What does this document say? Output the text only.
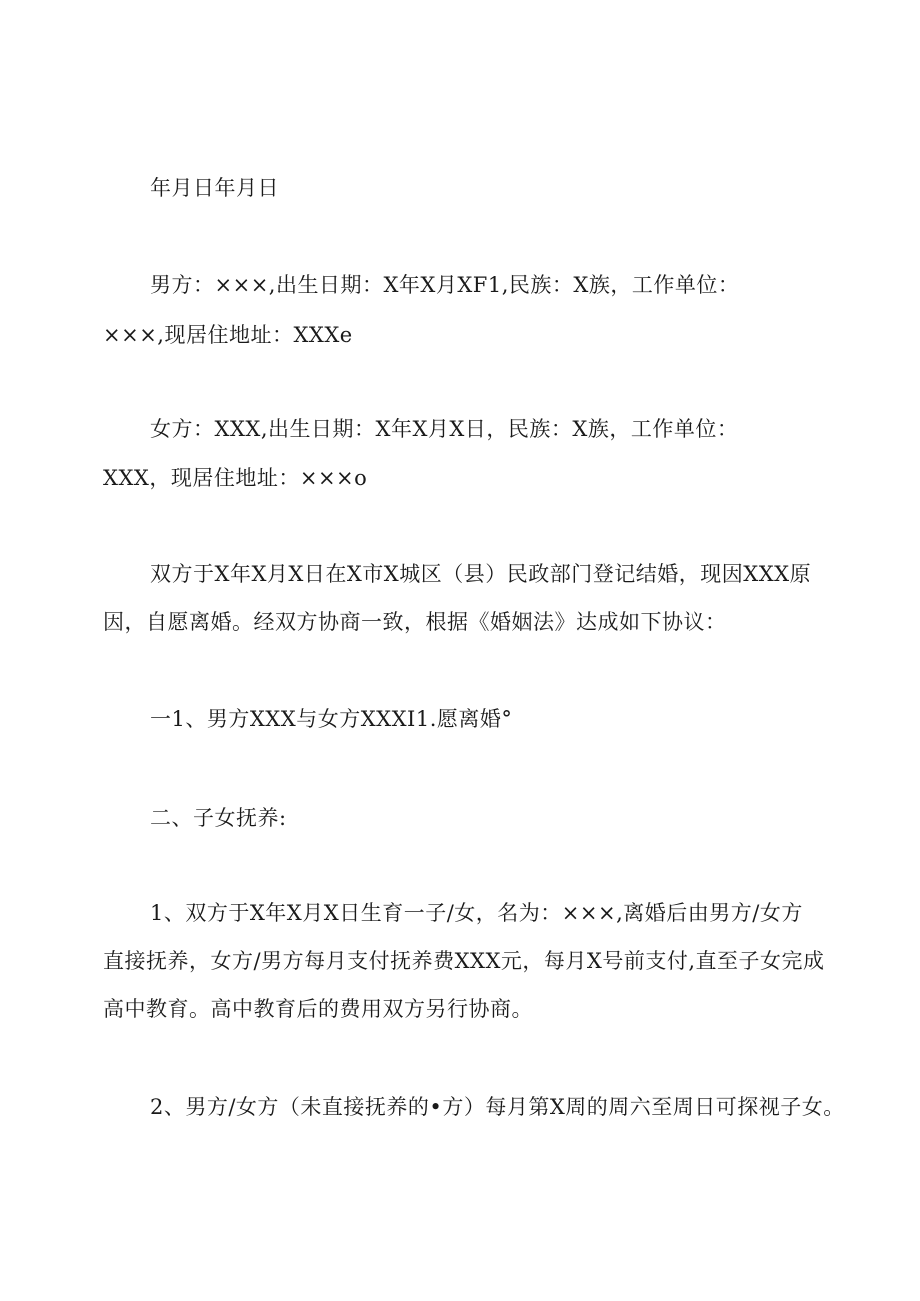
年月日年月日
男方：×××,出生日期：X年X月XF1,民族：X族，工作单位：
×××,现居住地址：XXXe
女方：XXX,出生日期：X年X月X日，民族：X族，工作单位：
XXX，现居住地址：×××o
双方于X年X月X日在X市X城区（县）民政部门登记结婚，现因XXX原
因，自愿离婚。经双方协商一致，根据《婚姻法》达成如下协议：
一1、男方XXX与女方XXXI1.愿离婚°
二、子女抚养:
1、双方于X年X月X日生育一子/女，名为：×××,离婚后由男方/女方
直接抚养，女方/男方每月支付抚养费XXX元，每月X号前支付,直至子女完成
高中教育。高中教育后的费用双方另行协商。
2、男方/女方（未直接抚养的•方）每月第X周的周六至周日可探视子女。
